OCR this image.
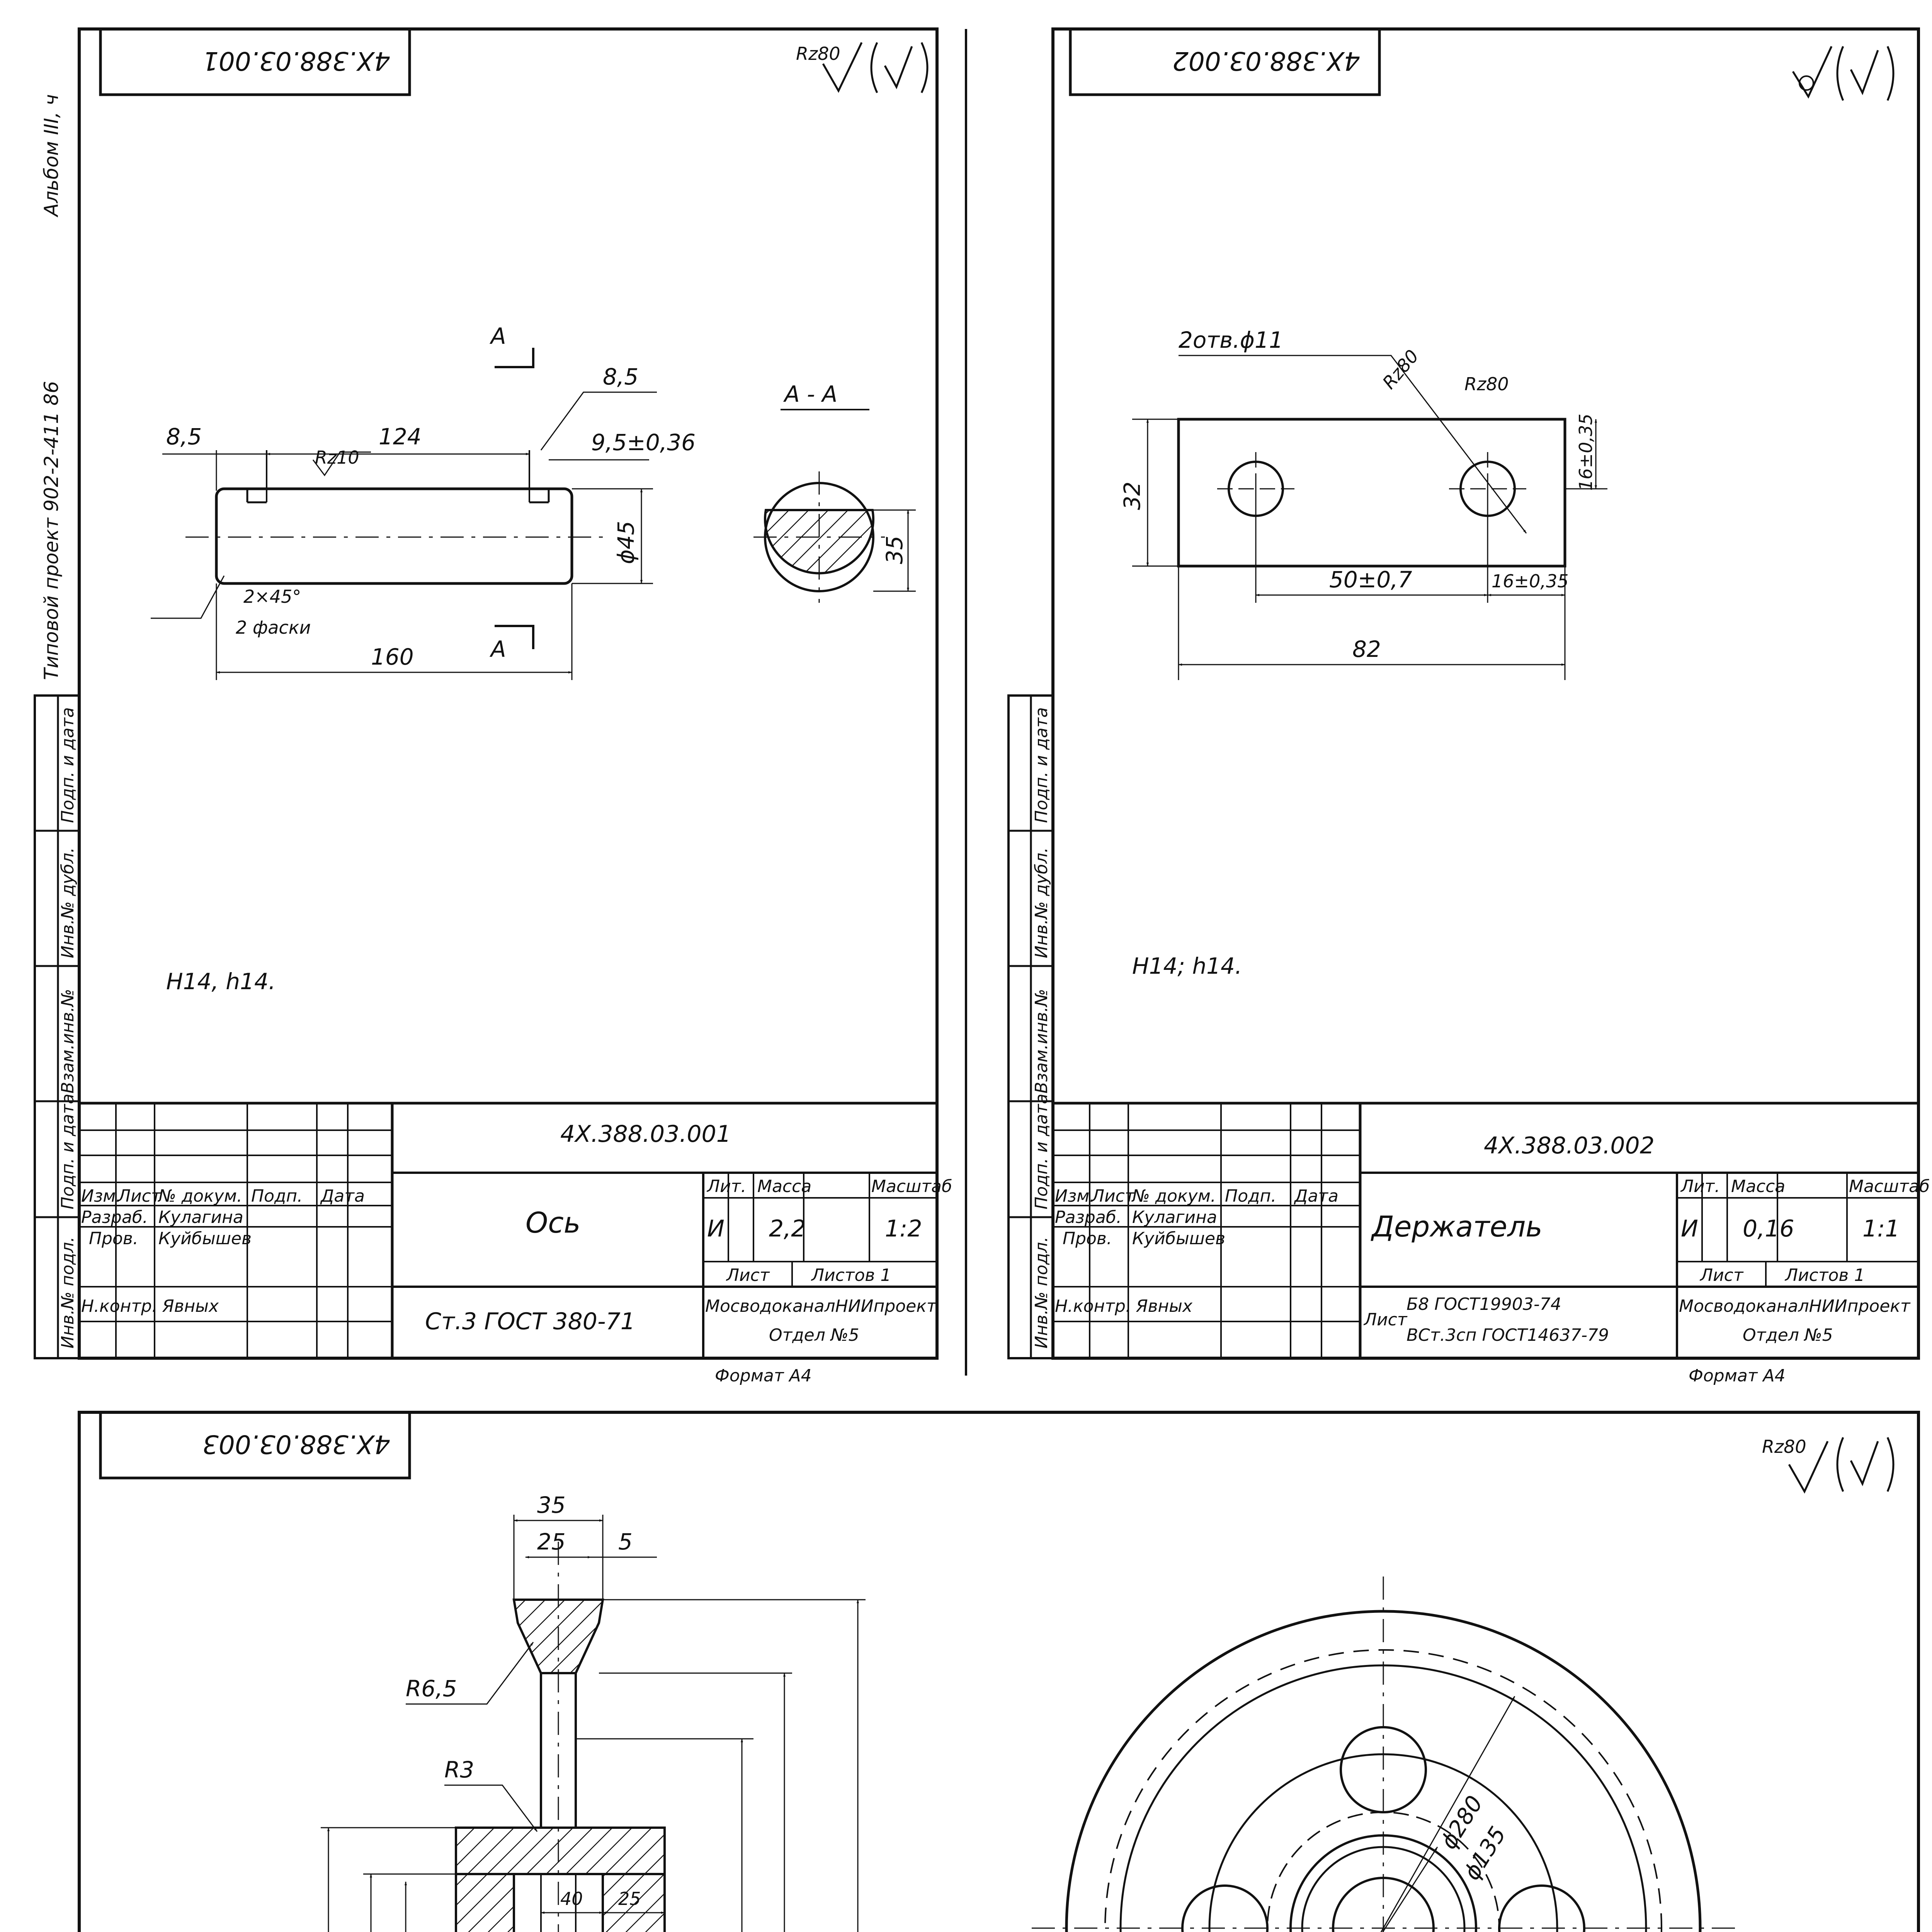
Типовой проект 902-2-411 86
Альбом III, ч
Инв.№ подл.
Подп. и дата
Взам.инв.№
Инв.№ дубл.
Подп. и дата
Инв.№ подл.
Подп. и дата
Взам.инв.№
Инв.№ дубл.
Подп. и дата
4Х.388.03.001	Rz80
8,5	124
8,5
9,5±0,36
ϕ45
160
Rz10
2×45°
2 фаски
А
А
А - А
35
H14, h14.
4Х.388.03.001
Ось
Ст.3 ГОСТ 380-71
Лит. Масса	Масштаб
И 2,2	1:2
Лист Листов 1
МосводоканалНИИпроект
Отдел №5
Изм.
Лист
№ докум. Подп. Дата
Разраб. Кулагина
Пров. Куйбышев
Н.контр. Явных
Формат А4
4Х.388.03.002
2отв.ϕ11
Rz80 Rz80
32
16±0,35
50±0,7	16±0,35
82
H14; h14.
4Х.388.03.002
Держатель
Лист
Б8 ГОСТ19903-74
ВСт.3сп ГОСТ14637-79
Лит. Масса	Масштаб
И 0,16	1:1
Лист Листов 1
МосводоканалНИИпроект
Отдел №5
Изм.
Лист
№ докум. Подп. Дата
Разраб. Кулагина
Пров. Куйбышев
Н.контр. Явных
Формат А4
4Х.388.03.003	Rz80
35
25 5
R6,5
R3
40 25
ϕ280
ϕ135
